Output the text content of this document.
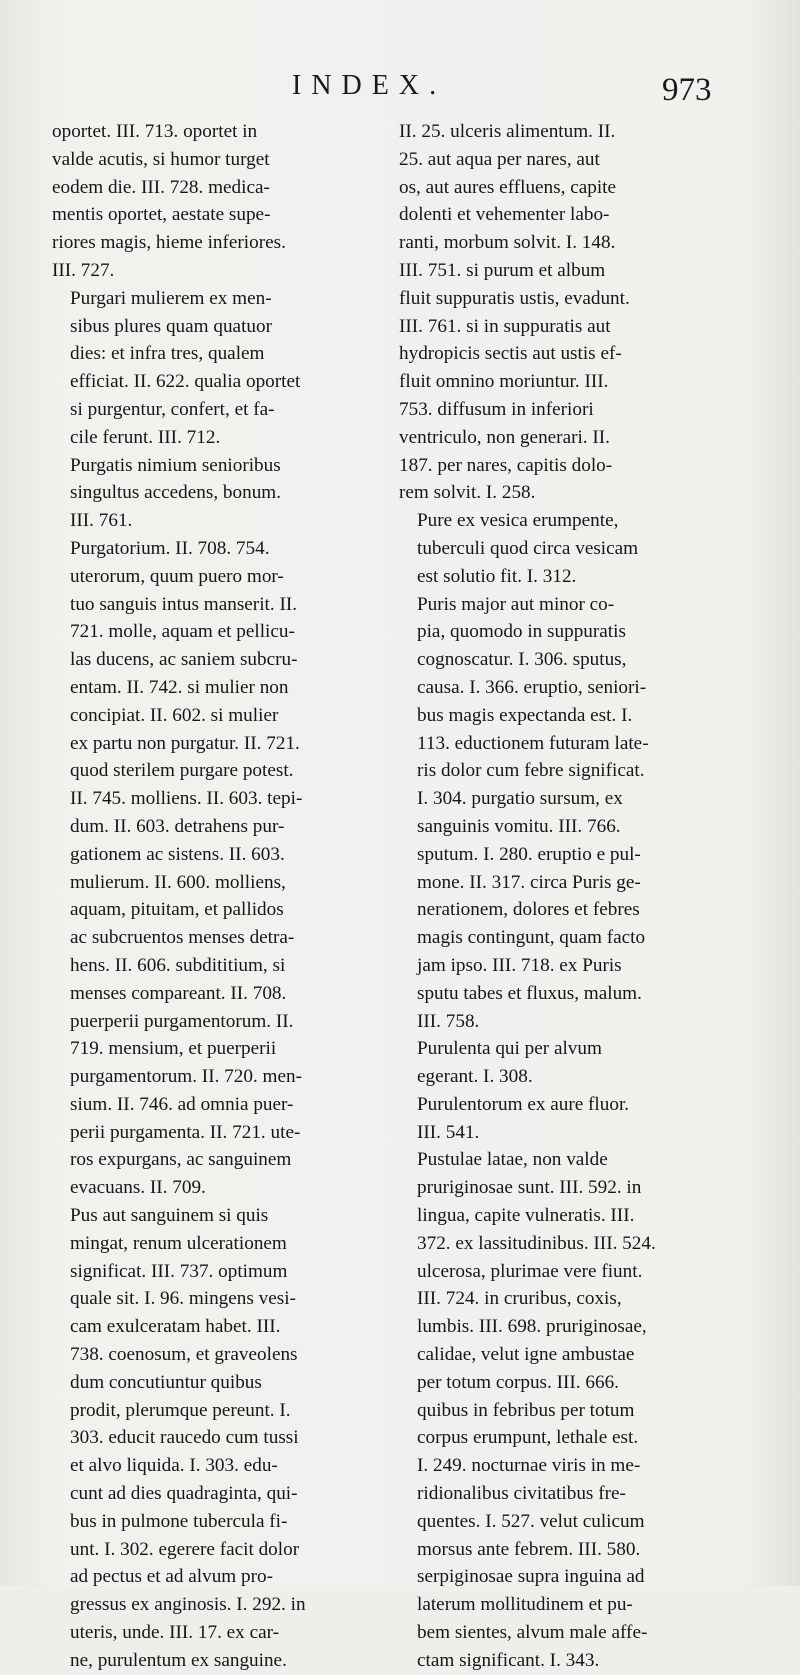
INDEX.	973

oportet. III. 713. oportet in
valde acutis, si humor turget
eodem die. III. 728. medica-
mentis oportet, aestate supe-
riores magis, hieme inferiores.
III. 727.

Purgari mulierem ex men-
sibus plures quam quatuor
dies: et infra tres, qualem
efficiat. II. 622. qualia oportet
si purgentur, confert, et fa-
cile ferunt. III. 712.

Purgatis nimium senioribus
singultus accedens, bonum.
III. 761.

Purgatorium. II. 708. 754.
uterorum, quum puero mor-
tuo sanguis intus manserit. II.
721. molle, aquam et pellicu-
las ducens, ac saniem subcru-
entam. II. 742. si mulier non
concipiat. II. 602. si mulier
ex partu non purgatur. II. 721.
quod sterilem purgare potest.
II. 745. molliens. II. 603. tepi-
dum. II. 603. detrahens pur-
gationem ac sistens. II. 603.
mulierum. II. 600. molliens,
aquam, pituitam, et pallidos
ac subcruentos menses detra-
hens. II. 606. subdititium, si
menses compareant. II. 708.
puerperii purgamentorum. II.
719. mensium, et puerperii
purgamentorum. II. 720. men-
sium. II. 746. ad omnia puer-
perii purgamenta. II. 721. ute-
ros expurgans, ac sanguinem
evacuans. II. 709.

Pus aut sanguinem si quis
mingat, renum ulcerationem
significat. III. 737. optimum
quale sit. I. 96. mingens vesi-
cam exulceratam habet. III.
738. coenosum, et graveolens
dum concutiuntur quibus
prodit, plerumque pereunt. I.
303. educit raucedo cum tussi
et alvo liquida. I. 303. edu-
cunt ad dies quadraginta, qui-
bus in pulmone tubercula fi-
unt. I. 302. egerere facit dolor
ad pectus et ad alvum pro-
gressus ex anginosis. I. 292. in
uteris, unde. III. 17. ex car-
ne, purulentum ex sanguine.

II. 25. ulceris alimentum. II.
25. aut aqua per nares, aut
os, aut aures effluens, capite
dolenti et vehementer labo-
ranti, morbum solvit. I. 148.
III. 751. si purum et album
fluit suppuratis ustis, evadunt.
III. 761. si in suppuratis aut
hydropicis sectis aut ustis ef-
fluit omnino moriuntur. III.
753. diffusum in inferiori
ventriculo, non generari. II.
187. per nares, capitis dolo-
rem solvit. I. 258.

Pure ex vesica erumpente,
tuberculi quod circa vesicam
est solutio fit. I. 312.

Puris major aut minor co-
pia, quomodo in suppuratis
cognoscatur. I. 306. sputus,
causa. I. 366. eruptio, seniori-
bus magis expectanda est. I.
113. eductionem futuram late-
ris dolor cum febre significat.
I. 304. purgatio sursum, ex
sanguinis vomitu. III. 766.
sputum. I. 280. eruptio e pul-
mone. II. 317. circa Puris ge-
nerationem, dolores et febres
magis contingunt, quam facto
jam ipso. III. 718. ex Puris
sputu tabes et fluxus, malum.
III. 758.

Purulenta qui per alvum
egerant. I. 308.

Purulentorum ex aure fluor.
III. 541.

Pustulae latae, non valde
pruriginosae sunt. III. 592. in
lingua, capite vulneratis. III.
372. ex lassitudinibus. III. 524.
ulcerosa, plurimae vere fiunt.
III. 724. in cruribus, coxis,
lumbis. III. 698. pruriginosae,
calidae, velut igne ambustae
per totum corpus. III. 666.
quibus in febribus per totum
corpus erumpunt, lethale est.
I. 249. nocturnae viris in me-
ridionalibus civitatibus fre-
quentes. I. 527. velut culicum
morsus ante febrem. III. 580.
serpiginosae supra inguina ad
laterum mollitudinem et pu-
bem sientes, alvum male affe-
ctam significant. I. 343.
